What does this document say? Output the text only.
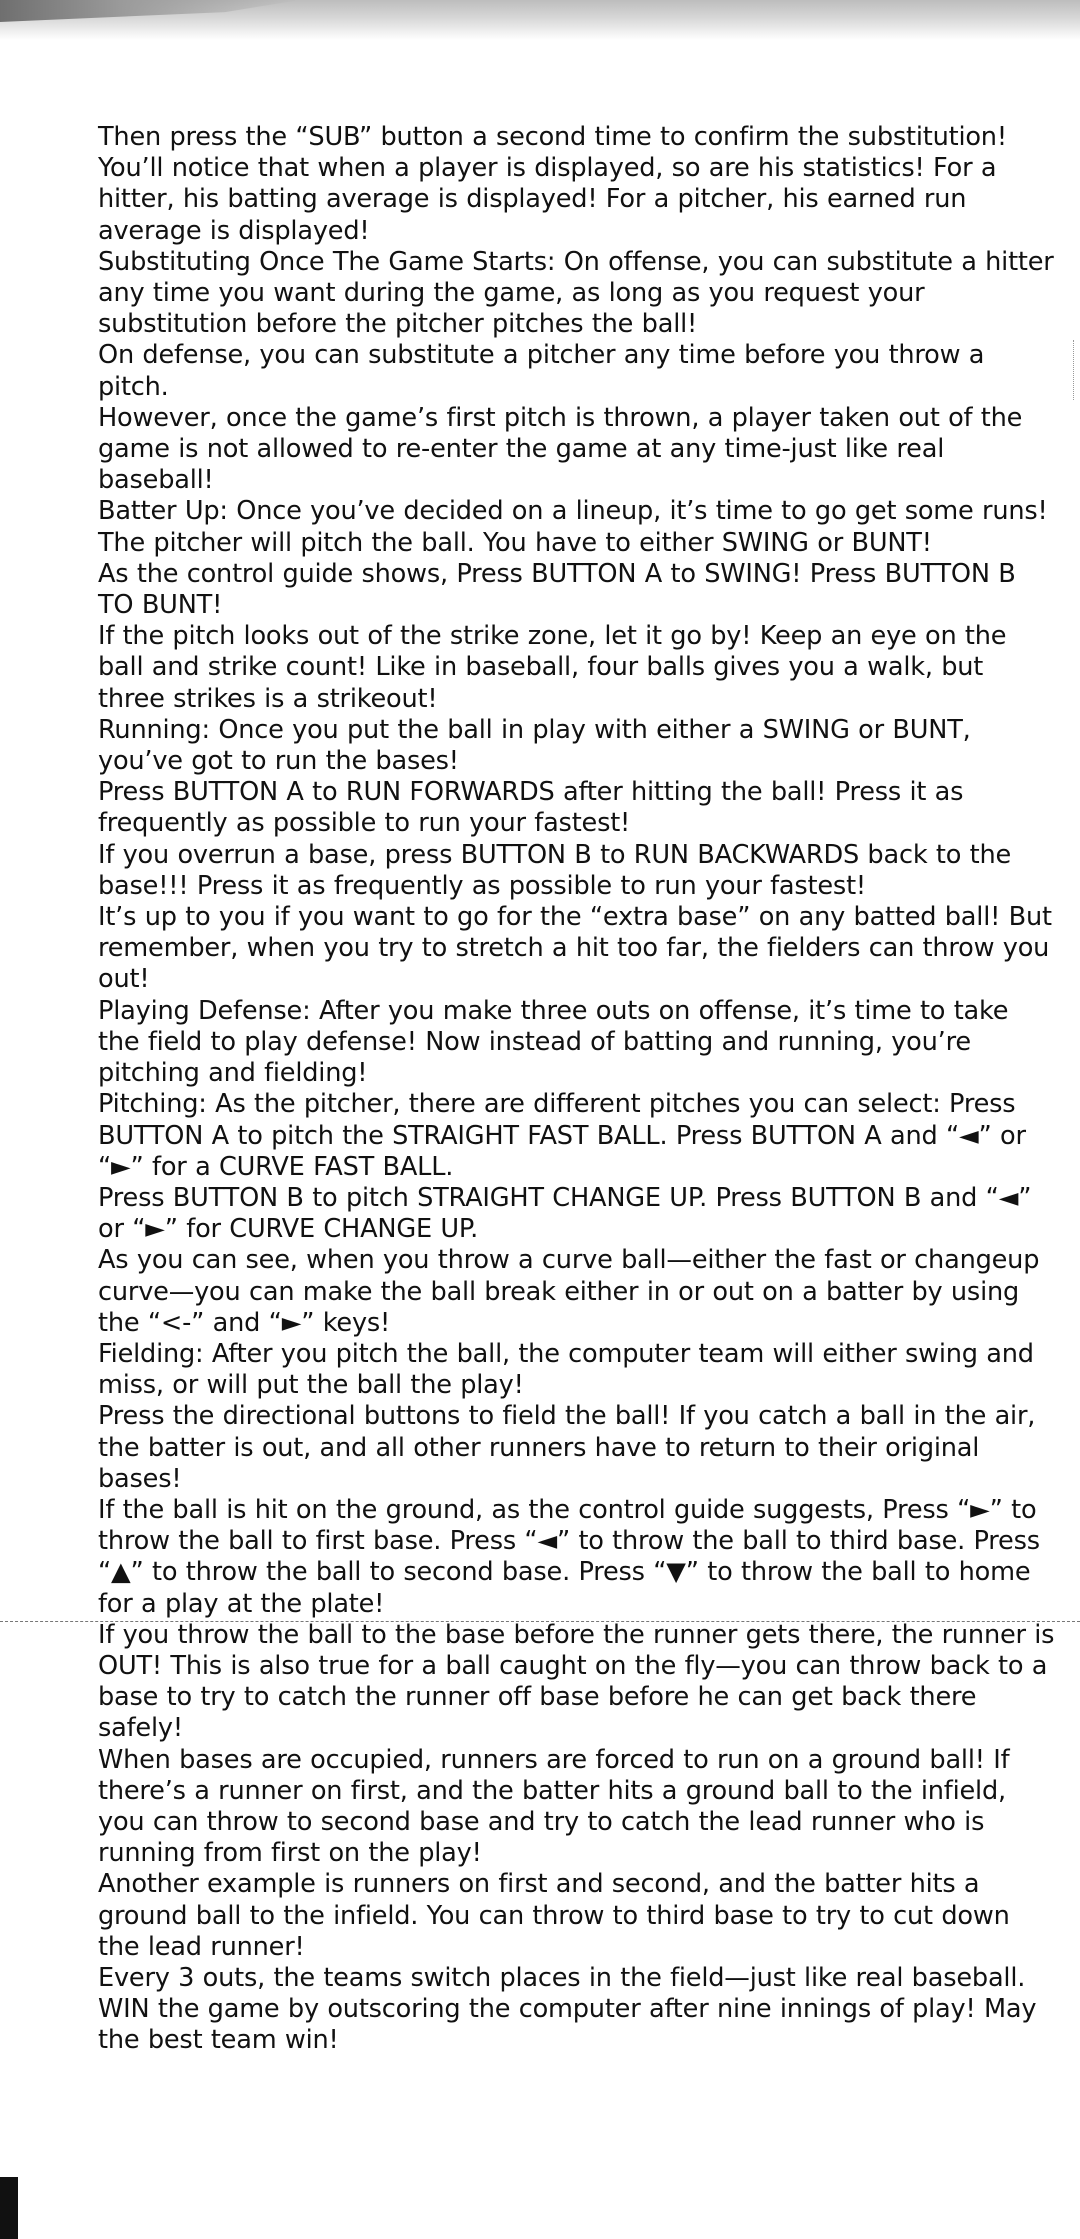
Then press the “SUB” button a second time to confirm the substitution! You’ll notice that when a player is displayed, so are his statistics! For a hitter, his batting average is displayed! For a pitcher, his earned run average is displayed!

Substituting Once The Game Starts: On offense, you can substitute a hitter any time you want during the game, as long as you request your substitution before the pitcher pitches the ball!

On defense, you can substitute a pitcher any time before you throw a pitch.

However, once the game’s first pitch is thrown, a player taken out of the game is not allowed to re-enter the game at any time-just like real baseball!

Batter Up: Once you’ve decided on a lineup, it’s time to go get some runs!

The pitcher will pitch the ball. You have to either SWING or BUNT!

As the control guide shows, Press BUTTON A to SWING! Press BUTTON B TO BUNT!

If the pitch looks out of the strike zone, let it go by! Keep an eye on the ball and strike count! Like in baseball, four balls gives you a walk, but three strikes is a strikeout!

Running: Once you put the ball in play with either a SWING or BUNT, you’ve got to run the bases!

Press BUTTON A to RUN FORWARDS after hitting the ball! Press it as frequently as possible to run your fastest!

If you overrun a base, press BUTTON B to RUN BACKWARDS back to the base!!! Press it as frequently as possible to run your fastest!

It’s up to you if you want to go for the “extra base” on any batted ball! But remember, when you try to stretch a hit too far, the fielders can throw you out!

Playing Defense: After you make three outs on offense, it’s time to take the field to play defense! Now instead of batting and running, you’re pitching and fielding!

Pitching: As the pitcher, there are different pitches you can select: Press BUTTON A to pitch the STRAIGHT FAST BALL. Press BUTTON A and “◄” or “►” for a CURVE FAST BALL.

Press BUTTON B to pitch STRAIGHT CHANGE UP. Press BUTTON B and “◄” or “►” for CURVE CHANGE UP.

As you can see, when you throw a curve ball—either the fast or changeup curve—you can make the ball break either in or out on a batter by using the “<-” and “►” keys!

Fielding: After you pitch the ball, the computer team will either swing and miss, or will put the ball the play!

Press the directional buttons to field the ball! If you catch a ball in the air, the batter is out, and all other runners have to return to their original bases!

If the ball is hit on the ground, as the control guide suggests, Press “►” to throw the ball to first base. Press “◄” to throw the ball to third base. Press “▲” to throw the ball to second base. Press “▼” to throw the ball to home for a play at the plate!

If you throw the ball to the base before the runner gets there, the runner is OUT! This is also true for a ball caught on the fly—you can throw back to a base to try to catch the runner off base before he can get back there safely!

When bases are occupied, runners are forced to run on a ground ball! If there’s a runner on first, and the batter hits a ground ball to the infield, you can throw to second base and try to catch the lead runner who is running from first on the play!

Another example is runners on first and second, and the batter hits a ground ball to the infield. You can throw to third base to try to cut down the lead runner!

Every 3 outs, the teams switch places in the field—just like real baseball. WIN the game by outscoring the computer after nine innings of play! May the best team win!
